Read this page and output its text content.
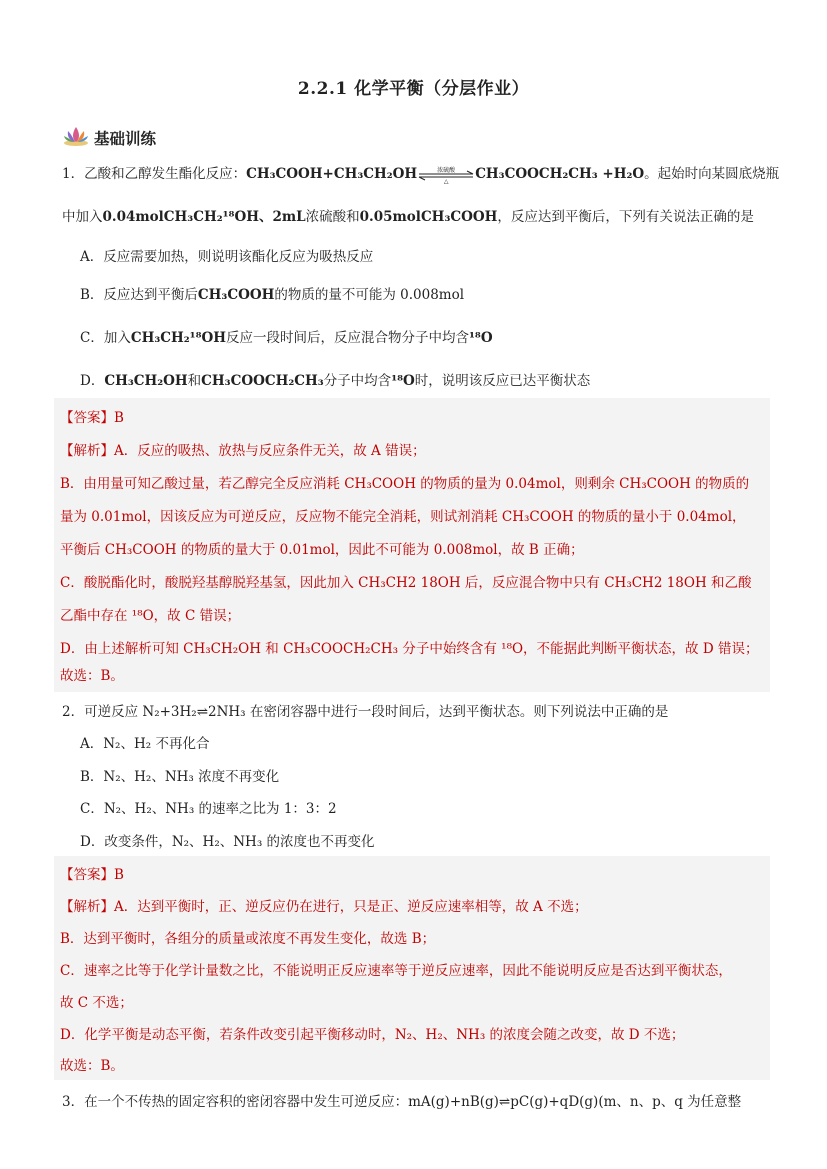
2.2.1 化学平衡（分层作业）
基础训练
1．乙酸和乙醇发生酯化反应：CH₃COOH+CH₃CH₂OH	浓硫酸
△	CH₃COOCH₂CH₃ +H₂O。起始时向某圆底烧瓶
中加入0.04molCH₃CH₂¹⁸OH、2mL浓硫酸和0.05molCH₃COOH，反应达到平衡后，下列有关说法正确的是
A．反应需要加热，则说明该酯化反应为吸热反应
B．反应达到平衡后CH₃COOH的物质的量不可能为 0.008mol
C．加入CH₃CH₂¹⁸OH反应一段时间后，反应混合物分子中均含¹⁸O
D．CH₃CH₂OH和CH₃COOCH₂CH₃分子中均含¹⁸O时，说明该反应已达平衡状态
【答案】B
【解析】A．反应的吸热、放热与反应条件无关，故 A 错误；
B．由用量可知乙酸过量，若乙醇完全反应消耗 CH₃COOH 的物质的量为 0.04mol，则剩余 CH₃COOH 的物质的
量为 0.01mol，因该反应为可逆反应，反应物不能完全消耗，则试剂消耗 CH₃COOH 的物质的量小于 0.04mol，
平衡后 CH₃COOH 的物质的量大于 0.01mol，因此不可能为 0.008mol，故 B 正确；
C．酸脱酯化时，酸脱羟基醇脱羟基氢，因此加入 CH₃CH2 18OH 后，反应混合物中只有 CH₃CH2 18OH 和乙酸
乙酯中存在 ¹⁸O，故 C 错误；
D．由上述解析可知 CH₃CH₂OH 和 CH₃COOCH₂CH₃ 分子中始终含有 ¹⁸O，不能据此判断平衡状态，故 D 错误；
故选：B。
2．可逆反应 N₂+3H₂⇌2NH₃ 在密闭容器中进行一段时间后，达到平衡状态。则下列说法中正确的是
A．N₂、H₂ 不再化合
B．N₂、H₂、NH₃ 浓度不再变化
C．N₂、H₂、NH₃ 的速率之比为 1：3：2
D．改变条件，N₂、H₂、NH₃ 的浓度也不再变化
【答案】B
【解析】A．达到平衡时，正、逆反应仍在进行，只是正、逆反应速率相等，故 A 不选；
B．达到平衡时，各组分的质量或浓度不再发生变化，故选 B；
C．速率之比等于化学计量数之比，不能说明正反应速率等于逆反应速率，因此不能说明反应是否达到平衡状态，
故 C 不选；
D．化学平衡是动态平衡，若条件改变引起平衡移动时，N₂、H₂、NH₃ 的浓度会随之改变，故 D 不选；
故选：B。
3．在一个不传热的固定容积的密闭容器中发生可逆反应：mA(g)+nB(g)⇌pC(g)+qD(g)(m、n、p、q 为任意整
